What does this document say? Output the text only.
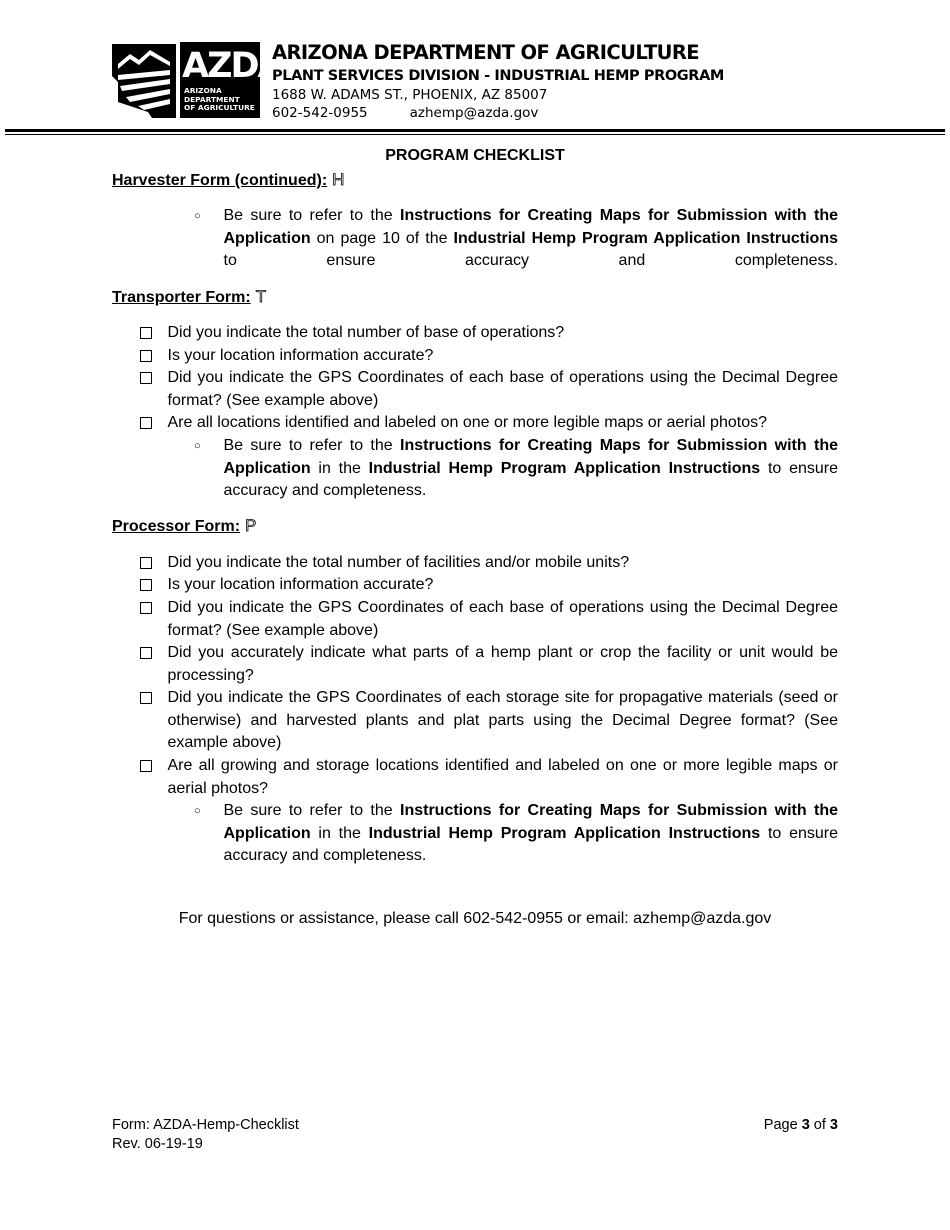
AZDA
ARIZONA
DEPARTMENT
OF AGRICULTURE
ARIZONA DEPARTMENT OF AGRICULTURE
PLANT SERVICES DIVISION - INDUSTRIAL HEMP PROGRAM
1688 W. ADAMS ST., PHOENIX, AZ 85007
602-542-0955	azhemp@azda.gov
PROGRAM CHECKLIST
Harvester Form (continued): H
○ Be sure to refer to the Instructions for Creating Maps for Submission with the Application on page 10 of the Industrial Hemp Program Application Instructions to ensure accuracy and completeness.
Transporter Form: T
Did you indicate the total number of base of operations?
Is your location information accurate?
Did you indicate the GPS Coordinates of each base of operations using the Decimal Degree format? (See example above)
Are all locations identified and labeled on one or more legible maps or aerial photos?
○ Be sure to refer to the Instructions for Creating Maps for Submission with the Application in the Industrial Hemp Program Application Instructions to ensure accuracy and completeness.
Processor Form: P
Did you indicate the total number of facilities and/or mobile units?
Is your location information accurate?
Did you indicate the GPS Coordinates of each base of operations using the Decimal Degree format? (See example above)
Did you accurately indicate what parts of a hemp plant or crop the facility or unit would be processing?
Did you indicate the GPS Coordinates of each storage site for propagative materials (seed or otherwise) and harvested plants and plat parts using the Decimal Degree format? (See example above)
Are all growing and storage locations identified and labeled on one or more legible maps or aerial photos?
○ Be sure to refer to the Instructions for Creating Maps for Submission with the Application in the Industrial Hemp Program Application Instructions to ensure accuracy and completeness.
For questions or assistance, please call 602-542-0955 or email: azhemp@azda.gov
Form: AZDA-Hemp-Checklist
Rev. 06-19-19
Page 3 of 3
